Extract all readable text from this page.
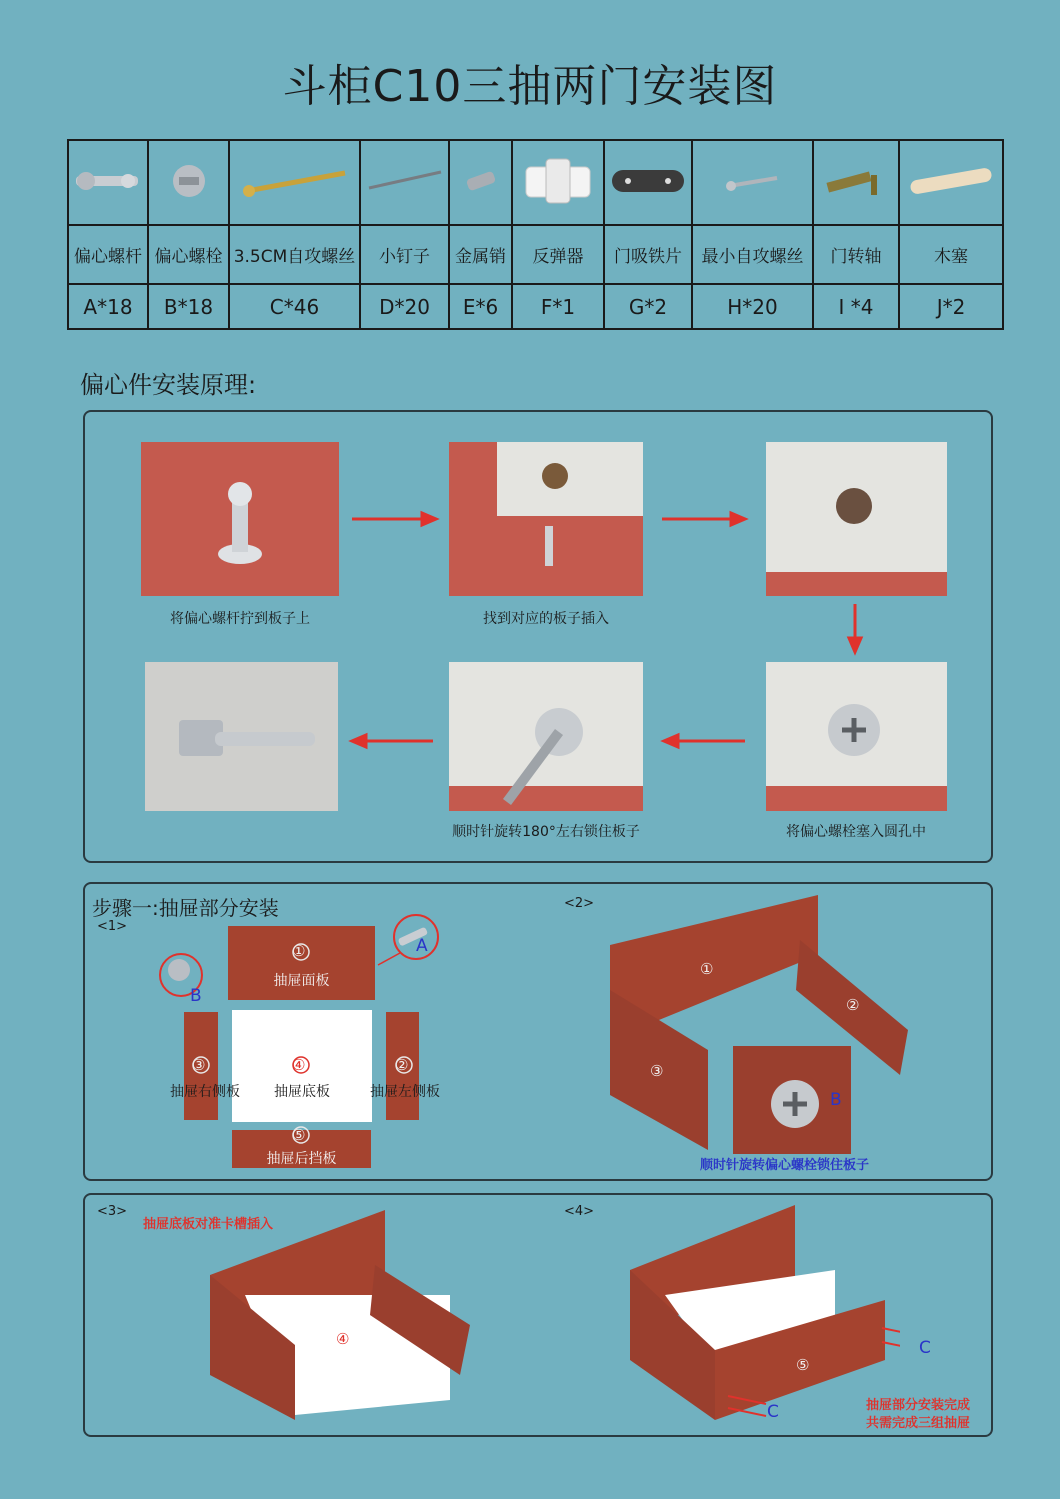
斗柜C10三抽两门安装图

偏心螺杆	偏心螺栓	3.5CM自攻螺丝	小钉子	金属销	反弹器	门吸铁片	最小自攻螺丝	门转轴	木塞
A*18	B*18	C*46	D*20	E*6	F*1	G*2	H*20	I *4	J*2
偏心件安装原理:
将偏心螺杆拧到板子上	找到对应的板子插入
顺时针旋转180°左右锁住板子	将偏心螺栓塞入圆孔中
步骤一:抽屉部分安装
<1>
<2>
A
B
抽屉面板
抽屉右侧板	抽屉底板	抽屉左侧板
抽屉后挡板
B
顺时针旋转偏心螺栓锁住板子
<3>	<4>
抽屉底板对准卡槽插入
C
C	抽屉部分安装完成
共需完成三组抽屉
①
③	④	②
⑤
①
②
③
④
⑤
